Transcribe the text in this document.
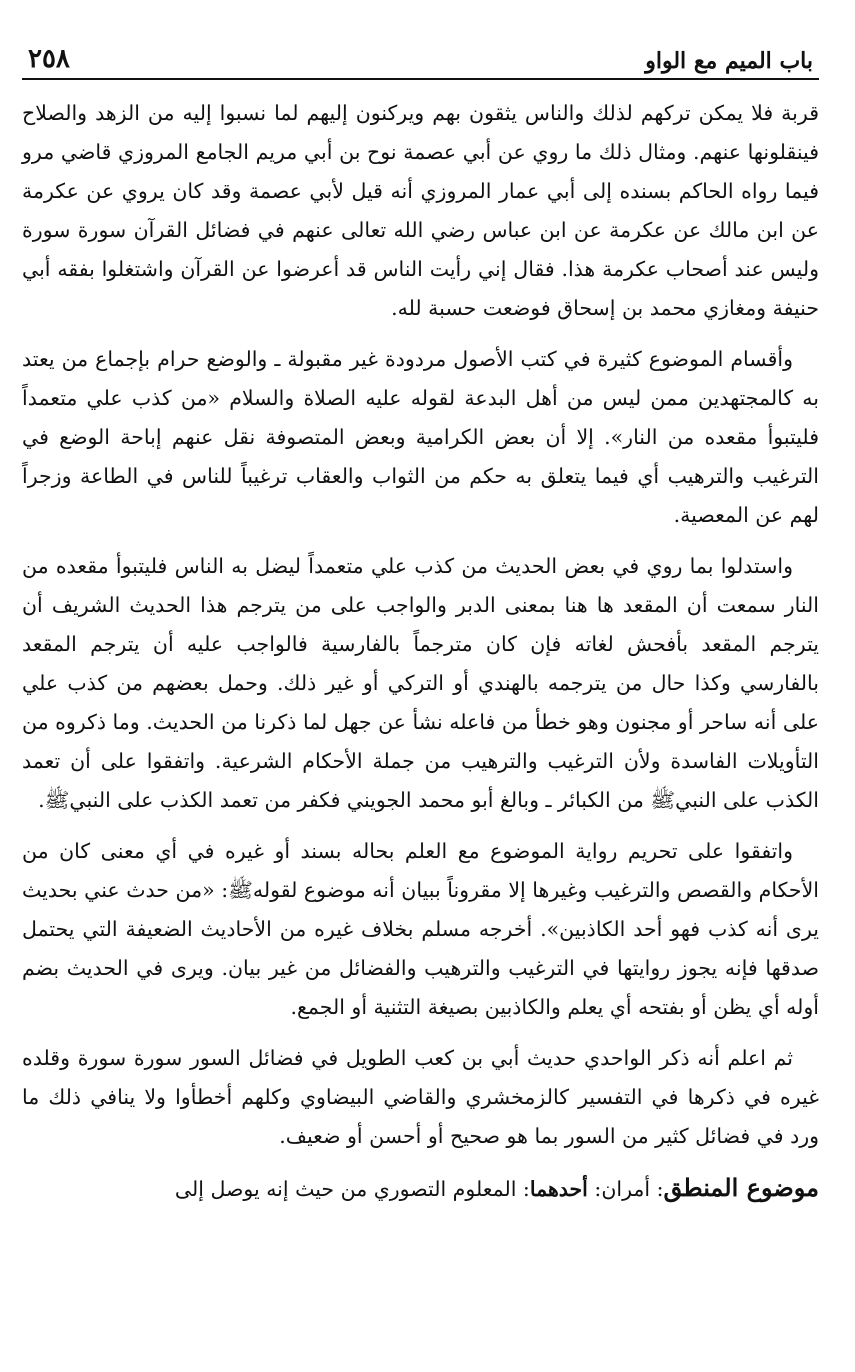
باب الميم مع الواو
٢٥٨

قربة فلا يمكن تركهم لذلك والناس يثقون بهم ويركنون إليهم لما نسبوا إليه من الزهد والصلاح فينقلونها عنهم. ومثال ذلك ما روي عن أبي عصمة نوح بن أبي مريم الجامع المروزي قاضي مرو فيما رواه الحاكم بسنده إلى أبي عمار المروزي أنه قيل لأبي عصمة وقد كان يروي عن عكرمة عن ابن مالك عن عكرمة عن ابن عباس رضي الله تعالى عنهم في فضائل القرآن سورة سورة وليس عند أصحاب عكرمة هذا. فقال إني رأيت الناس قد أعرضوا عن القرآن واشتغلوا بفقه أبي حنيفة ومغازي محمد بن إسحاق فوضعت حسبة لله.

وأقسام الموضوع كثيرة في كتب الأصول مردودة غير مقبولة ـ والوضع حرام بإجماع من يعتد به كالمجتهدين ممن ليس من أهل البدعة لقوله عليه الصلاة والسلام «من كذب علي متعمداً فليتبوأ مقعده من النار». إلا أن بعض الكرامية وبعض المتصوفة نقل عنهم إباحة الوضع في الترغيب والترهيب أي فيما يتعلق به حكم من الثواب والعقاب ترغيباً للناس في الطاعة وزجراً لهم عن المعصية.

واستدلوا بما روي في بعض الحديث من كذب علي متعمداً ليضل به الناس فليتبوأ مقعده من النار سمعت أن المقعد ها هنا بمعنى الدبر والواجب على من يترجم هذا الحديث الشريف أن يترجم المقعد بأفحش لغاته فإن كان مترجماً بالفارسية فالواجب عليه أن يترجم المقعد بالفارسي وكذا حال من يترجمه بالهندي أو التركي أو غير ذلك. وحمل بعضهم من كذب علي على أنه ساحر أو مجنون وهو خطأ من فاعله نشأ عن جهل لما ذكرنا من الحديث. وما ذكروه من التأويلات الفاسدة ولأن الترغيب والترهيب من جملة الأحكام الشرعية. واتفقوا على أن تعمد الكذب على النبيﷺ من الكبائر ـ وبالغ أبو محمد الجويني فكفر من تعمد الكذب على النبيﷺ.

واتفقوا على تحريم رواية الموضوع مع العلم بحاله بسند أو غيره في أي معنى كان من الأحكام والقصص والترغيب وغيرها إلا مقروناً ببيان أنه موضوع لقولهﷺ: «من حدث عني بحديث يرى أنه كذب فهو أحد الكاذبين». أخرجه مسلم بخلاف غيره من الأحاديث الضعيفة التي يحتمل صدقها فإنه يجوز روايتها في الترغيب والترهيب والفضائل من غير بيان. ويرى في الحديث بضم أوله أي يظن أو بفتحه أي يعلم والكاذبين بصيغة التثنية أو الجمع.

ثم اعلم أنه ذكر الواحدي حديث أبي بن كعب الطويل في فضائل السور سورة سورة وقلده غيره في ذكرها في التفسير كالزمخشري والقاضي البيضاوي وكلهم أخطأوا ولا ينافي ذلك ما ورد في فضائل كثير من السور بما هو صحيح أو أحسن أو ضعيف.

موضوع المنطق: أمران: أحدهما: المعلوم التصوري من حيث إنه يوصل إلى
